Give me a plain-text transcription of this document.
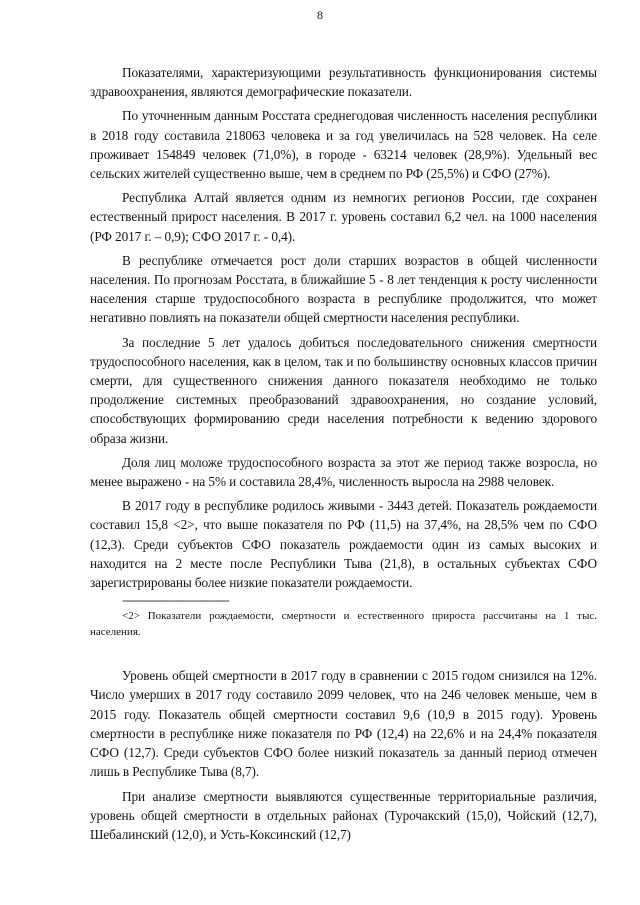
8

Показателями, характеризующими результативность функционирования системы здравоохранения, являются демографические показатели.

По уточненным данным Росстата среднегодовая численность населения республики в 2018 году составила 218063 человека и за год увеличилась на 528 человек. На селе проживает 154849 человек (71,0%), в городе - 63214 человек (28,9%). Удельный вес сельских жителей существенно выше, чем в среднем по РФ (25,5%) и СФО (27%).

Республика Алтай является одним из немногих регионов России, где сохранен естественный прирост населения. В 2017 г. уровень составил 6,2 чел. на 1000 населения (РФ 2017 г. – 0,9); СФО 2017 г. - 0,4).

В республике отмечается рост доли старших возрастов в общей численности населения. По прогнозам Росстата, в ближайшие 5 - 8 лет тенденция к росту численности населения старше трудоспособного возраста в республике продолжится, что может негативно повлиять на показатели общей смертности населения республики.

За последние 5 лет удалось добиться последовательного снижения смертности трудоспособного населения, как в целом, так и по большинству основных классов причин смерти, для существенного снижения данного показателя необходимо не только продолжение системных преобразований здравоохранения, но создание условий, способствующих формированию среди населения потребности к ведению здорового образа жизни.

Доля лиц моложе трудоспособного возраста за этот же период также возросла, но менее выражено - на 5% и составила 28,4%, численность выросла на 2988 человек.

В 2017 году в республике родилось живыми - 3443 детей. Показатель рождаемости составил 15,8 <2>, что выше показателя по РФ (11,5) на 37,4%, на 28,5% чем по СФО (12,3). Среди субъектов СФО показатель рождаемости один из самых высоких и находится на 2 месте после Республики Тыва (21,8), в остальных субъектах СФО зарегистрированы более низкие показатели рождаемости.

--------------------------------

<2> Показатели рождаемости, смертности и естественного прироста рассчитаны на 1 тыс. населения.

Уровень общей смертности в 2017 году в сравнении с 2015 годом снизился на 12%. Число умерших в 2017 году составило 2099 человек, что на 246 человек меньше, чем в 2015 году. Показатель общей смертности составил 9,6 (10,9 в 2015 году). Уровень смертности в республике ниже показателя по РФ (12,4) на 22,6% и на 24,4% показателя СФО (12,7). Среди субъектов СФО более низкий показатель за данный период отмечен лишь в Республике Тыва (8,7).

При анализе смертности выявляются существенные территориальные различия, уровень общей смертности в отдельных районах (Турочакский (15,0), Чойский (12,7), Шебалинский (12,0), и Усть-Коксинский (12,7)
